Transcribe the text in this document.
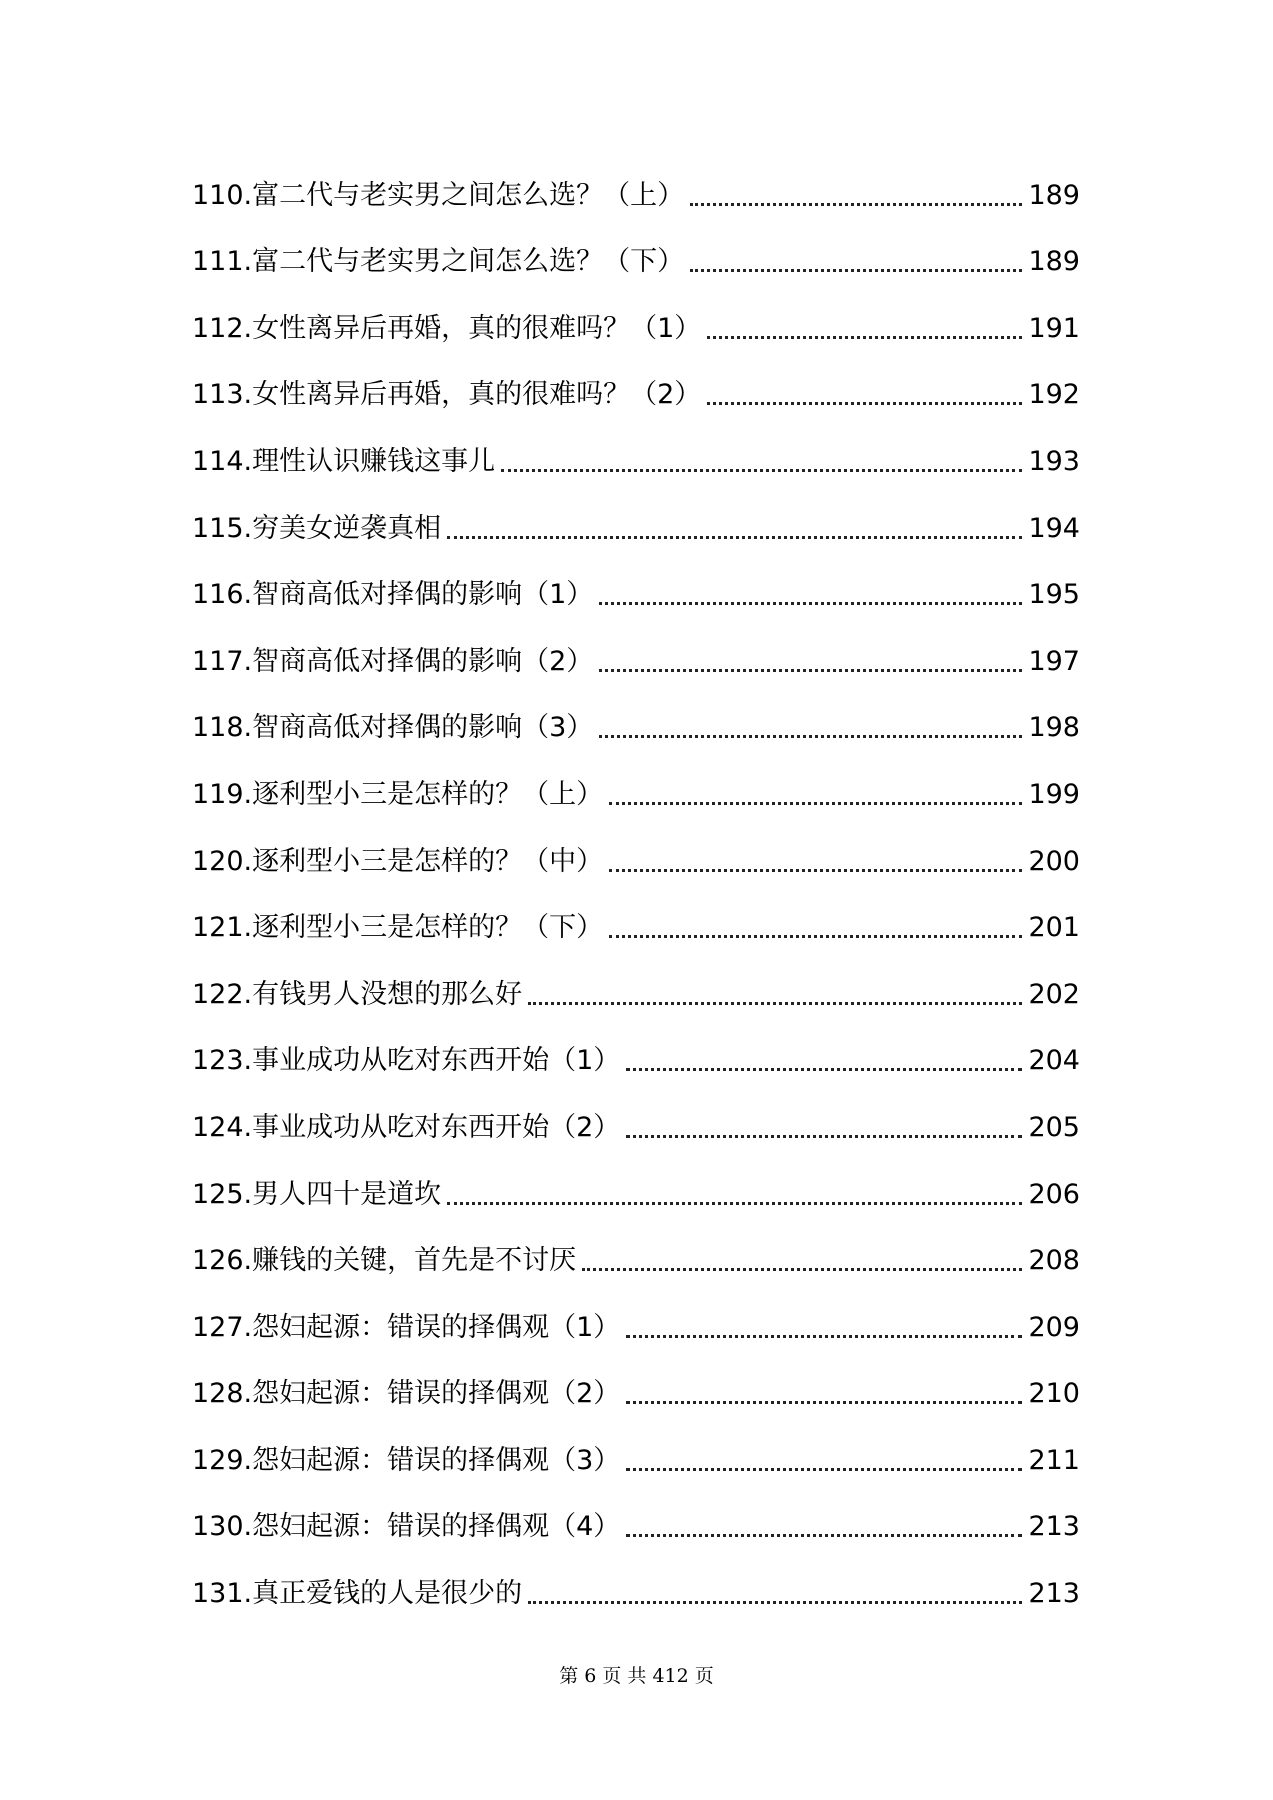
110.富二代与老实男之间怎么选？（上）	189
111.富二代与老实男之间怎么选？（下）	189
112.女性离异后再婚，真的很难吗？（1）	191
113.女性离异后再婚，真的很难吗？（2）	192
114.理性认识赚钱这事儿	193
115.穷美女逆袭真相	194
116.智商高低对择偶的影响（1）	195
117.智商高低对择偶的影响（2）	197
118.智商高低对择偶的影响（3）	198
119.逐利型小三是怎样的？（上）	199
120.逐利型小三是怎样的？（中）	200
121.逐利型小三是怎样的？（下）	201
122.有钱男人没想的那么好	202
123.事业成功从吃对东西开始（1）	204
124.事业成功从吃对东西开始（2）	205
125.男人四十是道坎	206
126.赚钱的关键，首先是不讨厌	208
127.怨妇起源：错误的择偶观（1）	209
128.怨妇起源：错误的择偶观（2）	210
129.怨妇起源：错误的择偶观（3）	211
130.怨妇起源：错误的择偶观（4）	213
131.真正爱钱的人是很少的	213
第 6 页 共 412 页
